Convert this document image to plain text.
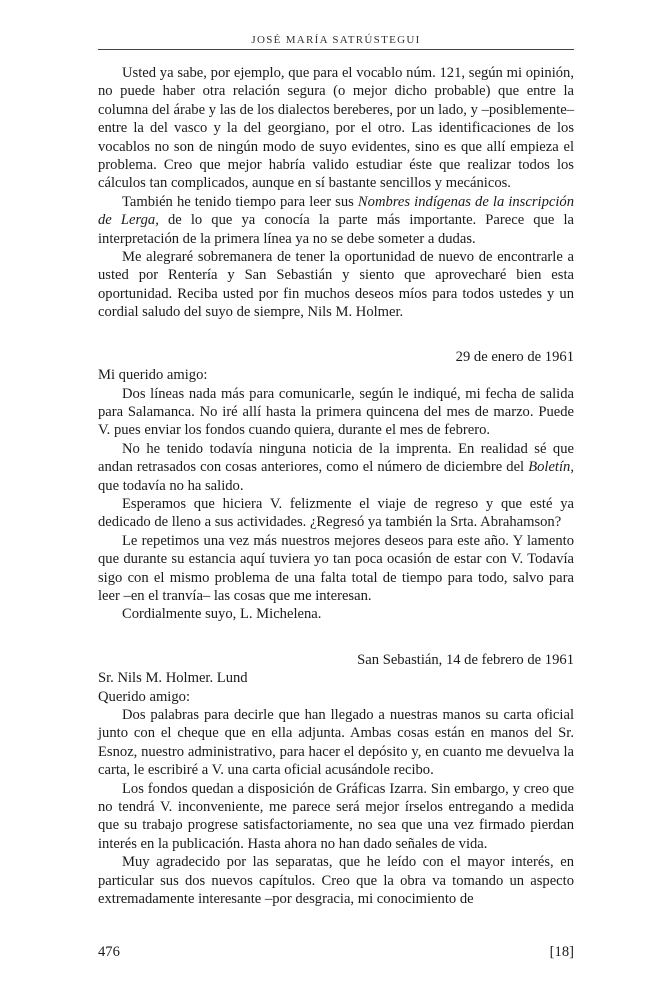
JOSÉ MARÍA SATRÚSTEGUI

Usted ya sabe, por ejemplo, que para el vocablo núm. 121, según mi opinión, no puede haber otra relación segura (o mejor dicho probable) que entre la columna del árabe y las de los dialectos bereberes, por un lado, y –posiblemente– entre la del vasco y la del georgiano, por el otro. Las identificaciones de los vocablos no son de ningún modo de suyo evidentes, sino es que allí empieza el problema. Creo que mejor habría valido estudiar éste que realizar todos los cálculos tan complicados, aunque en sí bastante sencillos y mecánicos.

También he tenido tiempo para leer sus Nombres indígenas de la inscripción de Lerga, de lo que ya conocía la parte más importante. Parece que la interpretación de la primera línea ya no se debe someter a dudas.

Me alegraré sobremanera de tener la oportunidad de nuevo de encontrarle a usted por Rentería y San Sebastián y siento que aprovecharé bien esta oportunidad. Reciba usted por fin muchos deseos míos para todos ustedes y un cordial saludo del suyo de siempre, Nils M. Holmer.

29 de enero de 1961

Mi querido amigo:

Dos líneas nada más para comunicarle, según le indiqué, mi fecha de salida para Salamanca. No iré allí hasta la primera quincena del mes de marzo. Puede V. pues enviar los fondos cuando quiera, durante el mes de febrero.

No he tenido todavía ninguna noticia de la imprenta. En realidad sé que andan retrasados con cosas anteriores, como el número de diciembre del Boletín, que todavía no ha salido.

Esperamos que hiciera V. felizmente el viaje de regreso y que esté ya dedicado de lleno a sus actividades. ¿Regresó ya también la Srta. Abrahamson?

Le repetimos una vez más nuestros mejores deseos para este año. Y lamento que durante su estancia aquí tuviera yo tan poca ocasión de estar con V. Todavía sigo con el mismo problema de una falta total de tiempo para todo, salvo para leer –en el tranvía– las cosas que me interesan.

Cordialmente suyo, L. Michelena.

San Sebastián, 14 de febrero de 1961

Sr. Nils M. Holmer. Lund

Querido amigo:

Dos palabras para decirle que han llegado a nuestras manos su carta oficial junto con el cheque que en ella adjunta. Ambas cosas están en manos del Sr. Esnoz, nuestro administrativo, para hacer el depósito y, en cuanto me devuelva la carta, le escribiré a V. una carta oficial acusándole recibo.

Los fondos quedan a disposición de Gráficas Izarra. Sin embargo, y creo que no tendrá V. inconveniente, me parece será mejor írselos entregando a medida que su trabajo progrese satisfactoriamente, no sea que una vez firmado pierdan interés en la publicación. Hasta ahora no han dado señales de vida.

Muy agradecido por las separatas, que he leído con el mayor interés, en particular sus dos nuevos capítulos. Creo que la obra va tomando un aspecto extremadamente interesante –por desgracia, mi conocimiento de

476	[18]
